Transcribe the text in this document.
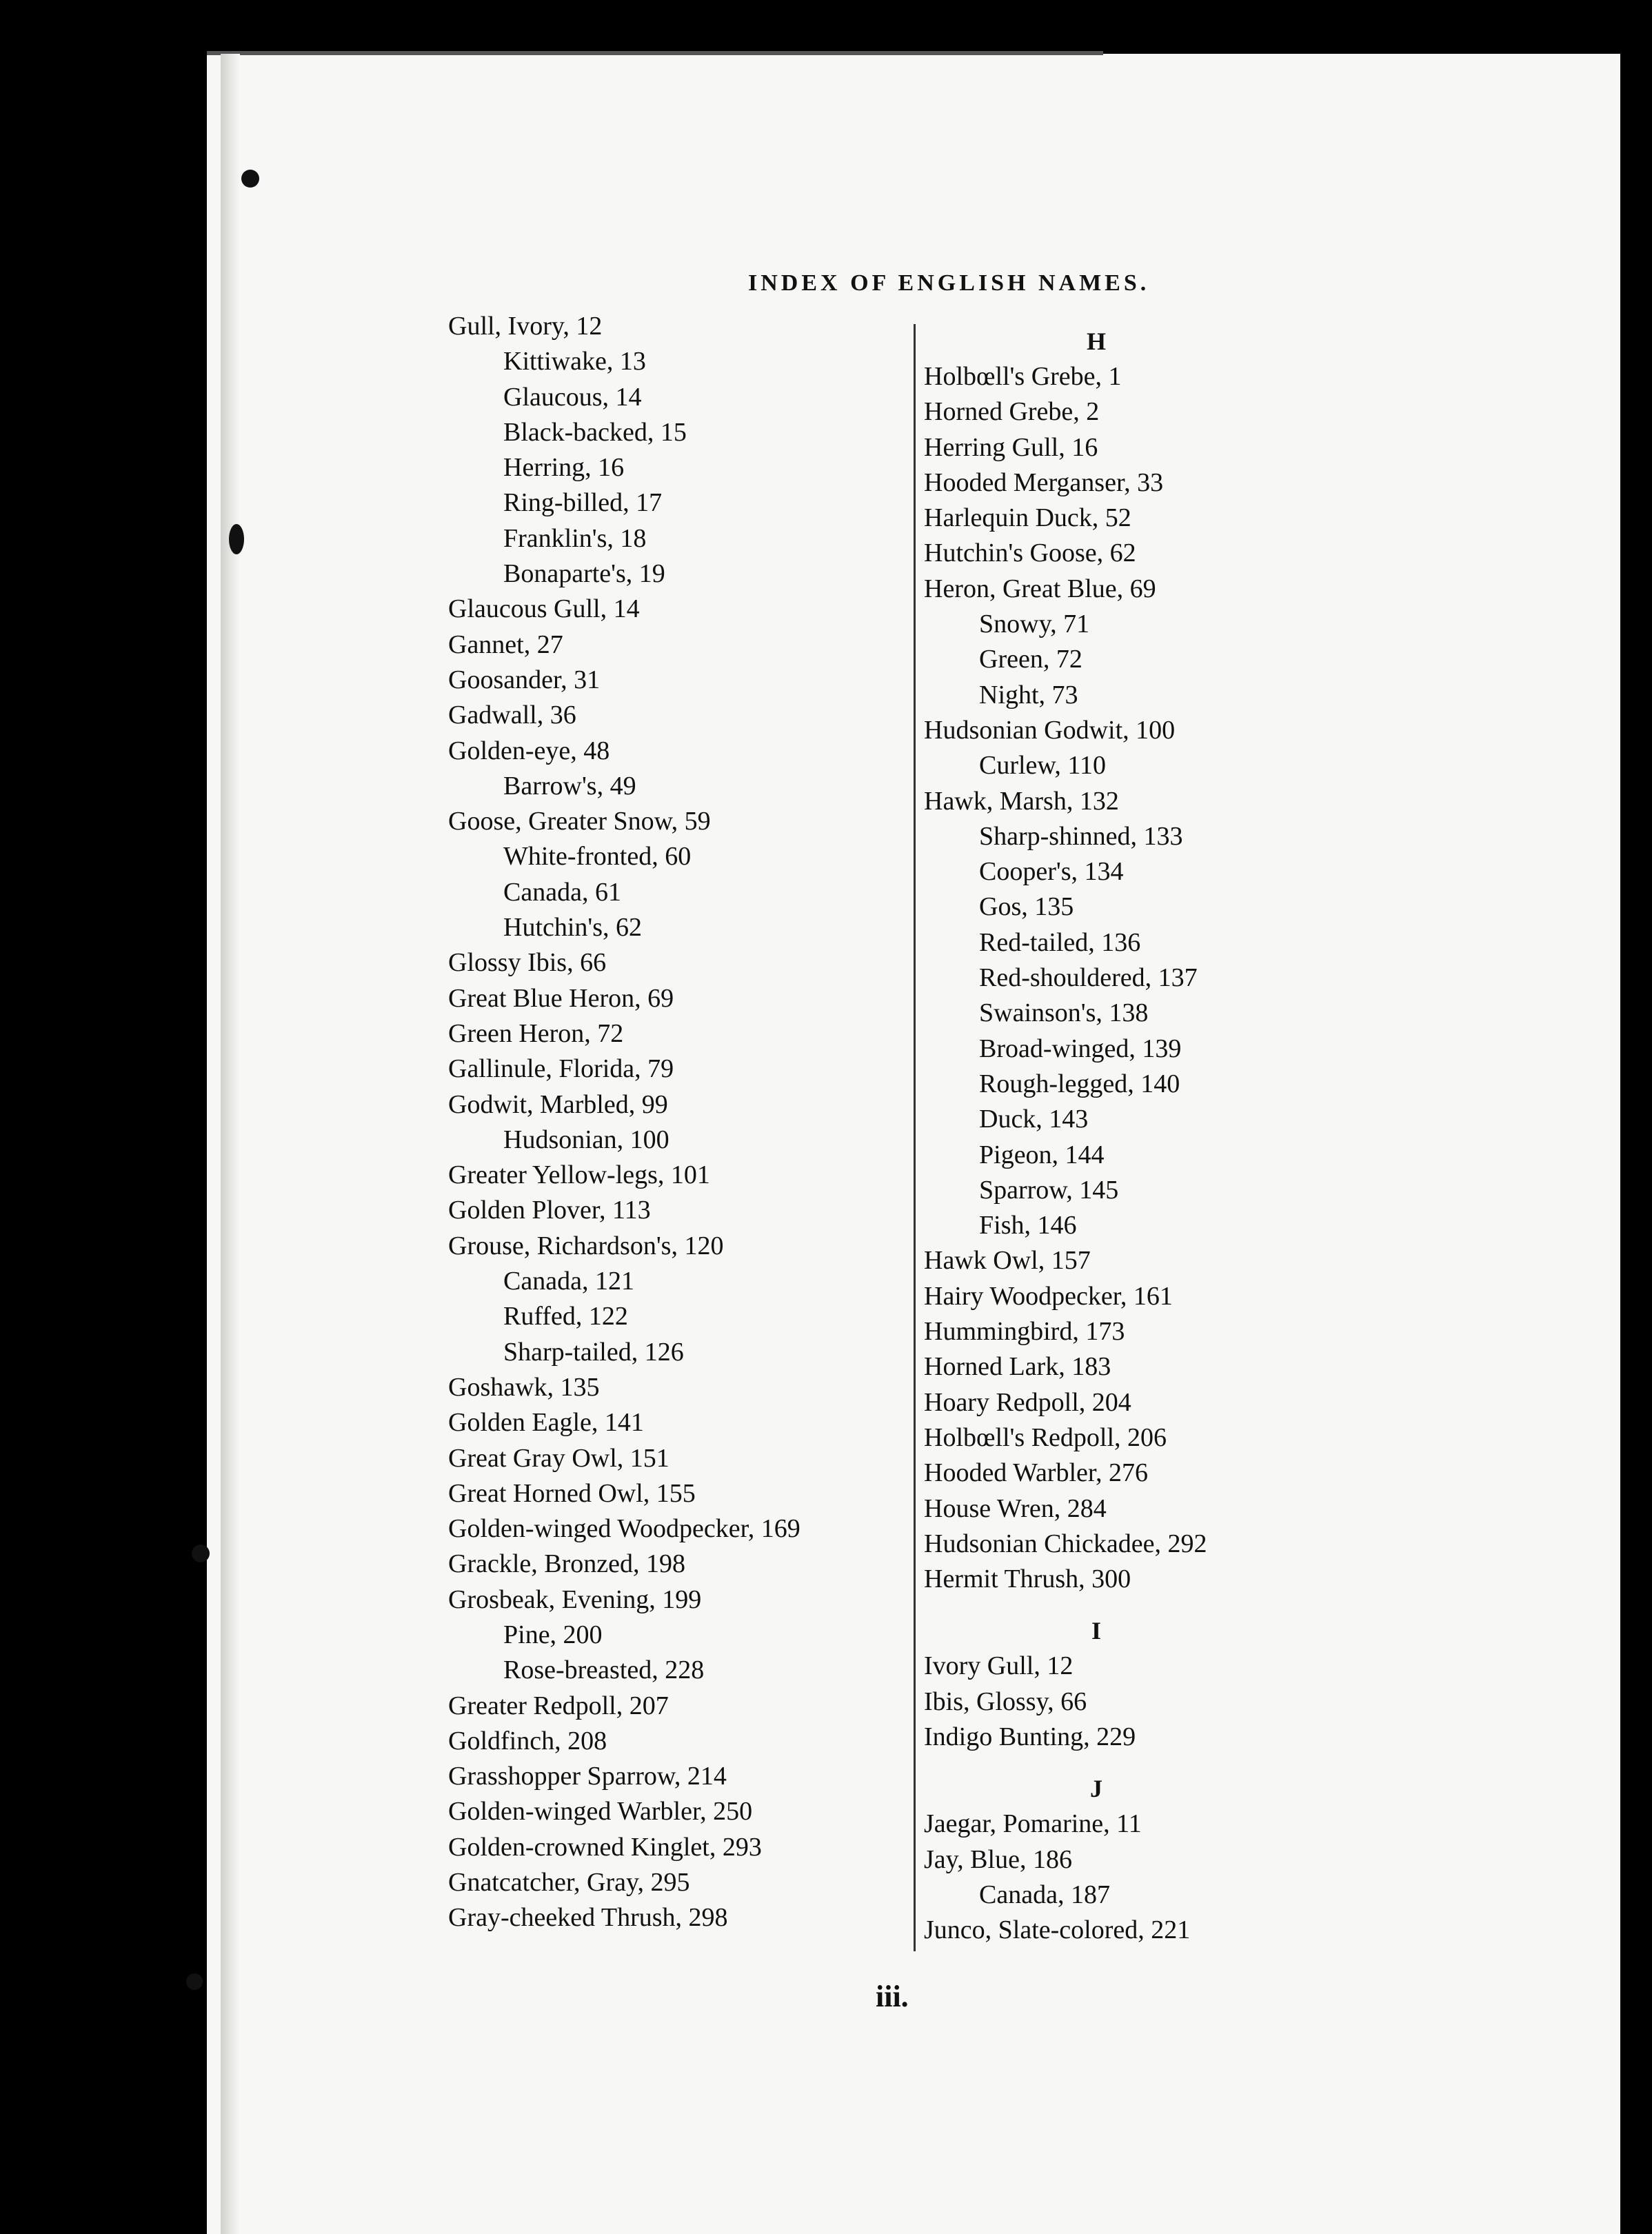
INDEX OF ENGLISH NAMES.
Gull, Ivory, 12
Kittiwake, 13
Glaucous, 14
Black-backed, 15
Herring, 16
Ring-billed, 17
Franklin's, 18
Bonaparte's, 19
Glaucous Gull, 14
Gannet, 27
Goosander, 31
Gadwall, 36
Golden-eye, 48
Barrow's, 49
Goose, Greater Snow, 59
White-fronted, 60
Canada, 61
Hutchin's, 62
Glossy Ibis, 66
Great Blue Heron, 69
Green Heron, 72
Gallinule, Florida, 79
Godwit, Marbled, 99
Hudsonian, 100
Greater Yellow-legs, 101
Golden Plover, 113
Grouse, Richardson's, 120
Canada, 121
Ruffed, 122
Sharp-tailed, 126
Goshawk, 135
Golden Eagle, 141
Great Gray Owl, 151
Great Horned Owl, 155
Golden-winged Woodpecker, 169
Grackle, Bronzed, 198
Grosbeak, Evening, 199
Pine, 200
Rose-breasted, 228
Greater Redpoll, 207
Goldfinch, 208
Grasshopper Sparrow, 214
Golden-winged Warbler, 250
Golden-crowned Kinglet, 293
Gnatcatcher, Gray, 295
Gray-cheeked Thrush, 298
H
Holbœll's Grebe, 1
Horned Grebe, 2
Herring Gull, 16
Hooded Merganser, 33
Harlequin Duck, 52
Hutchin's Goose, 62
Heron, Great Blue, 69
Snowy, 71
Green, 72
Night, 73
Hudsonian Godwit, 100
Curlew, 110
Hawk, Marsh, 132
Sharp-shinned, 133
Cooper's, 134
Gos, 135
Red-tailed, 136
Red-shouldered, 137
Swainson's, 138
Broad-winged, 139
Rough-legged, 140
Duck, 143
Pigeon, 144
Sparrow, 145
Fish, 146
Hawk Owl, 157
Hairy Woodpecker, 161
Hummingbird, 173
Horned Lark, 183
Hoary Redpoll, 204
Holbœll's Redpoll, 206
Hooded Warbler, 276
House Wren, 284
Hudsonian Chickadee, 292
Hermit Thrush, 300
I
Ivory Gull, 12
Ibis, Glossy, 66
Indigo Bunting, 229
J
Jaegar, Pomarine, 11
Jay, Blue, 186
Canada, 187
Junco, Slate-colored, 221
iii.
